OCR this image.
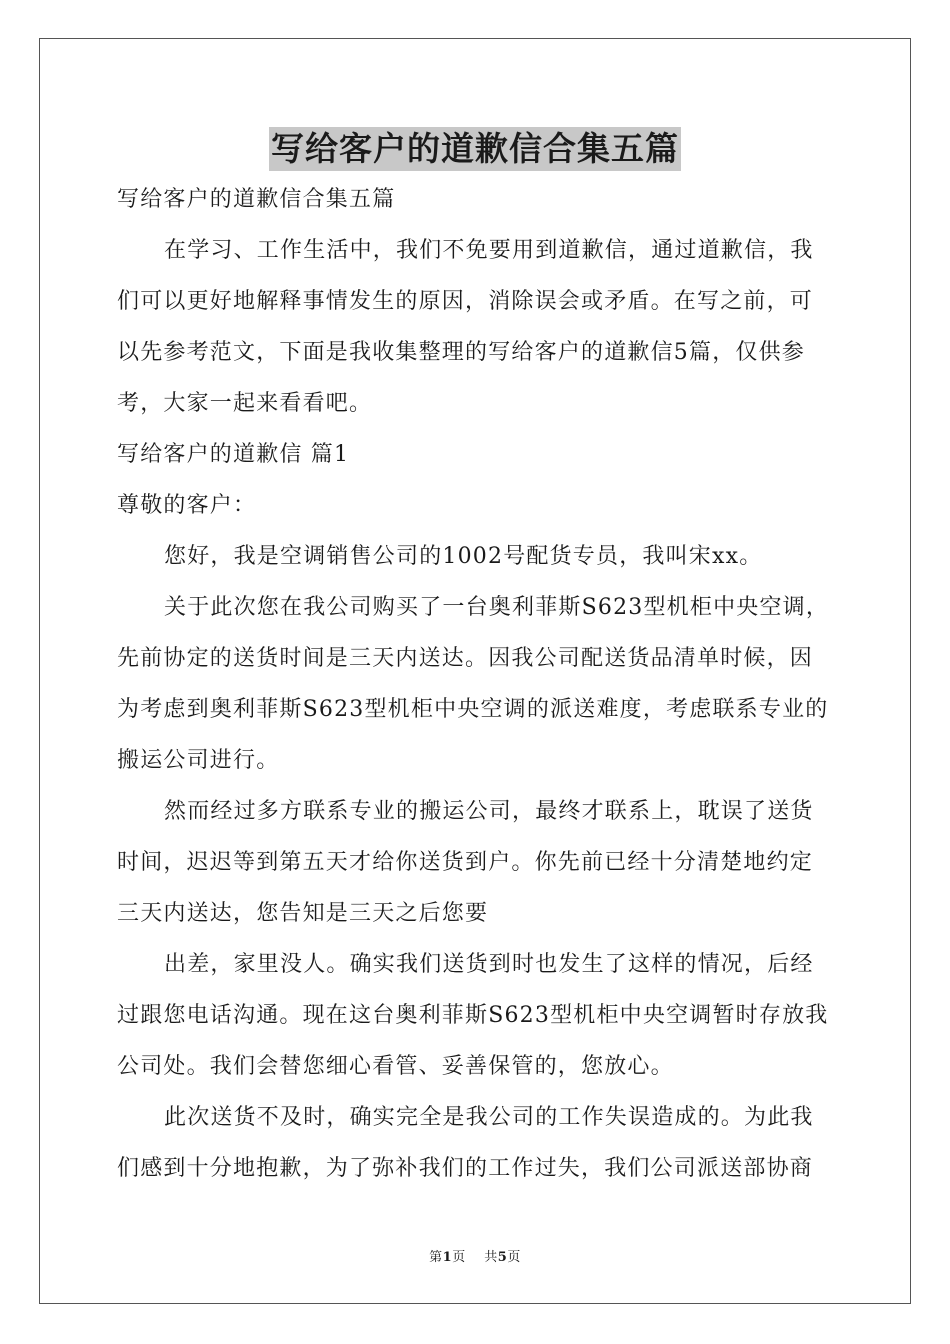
写给客户的道歉信合集五篇

写给客户的道歉信合集五篇

在学习、工作生活中，我们不免要用到道歉信，通过道歉信，我们可以更好地解释事情发生的原因，消除误会或矛盾。在写之前，可以先参考范文，下面是我收集整理的写给客户的道歉信5篇，仅供参考，大家一起来看看吧。

写给客户的道歉信 篇1

尊敬的客户：

您好，我是空调销售公司的1002号配货专员，我叫宋xx。

关于此次您在我公司购买了一台奥利菲斯S623型机柜中央空调，先前协定的送货时间是三天内送达。因我公司配送货品清单时候，因为考虑到奥利菲斯S623型机柜中央空调的派送难度，考虑联系专业的搬运公司进行。

然而经过多方联系专业的搬运公司，最终才联系上，耽误了送货时间，迟迟等到第五天才给你送货到户。你先前已经十分清楚地约定三天内送达，您告知是三天之后您要

出差，家里没人。确实我们送货到时也发生了这样的情况，后经过跟您电话沟通。现在这台奥利菲斯S623型机柜中央空调暂时存放我公司处。我们会替您细心看管、妥善保管的，您放心。

此次送货不及时，确实完全是我公司的工作失误造成的。为此我们感到十分地抱歉，为了弥补我们的工作过失，我们公司派送部协商

第1页 共5页
